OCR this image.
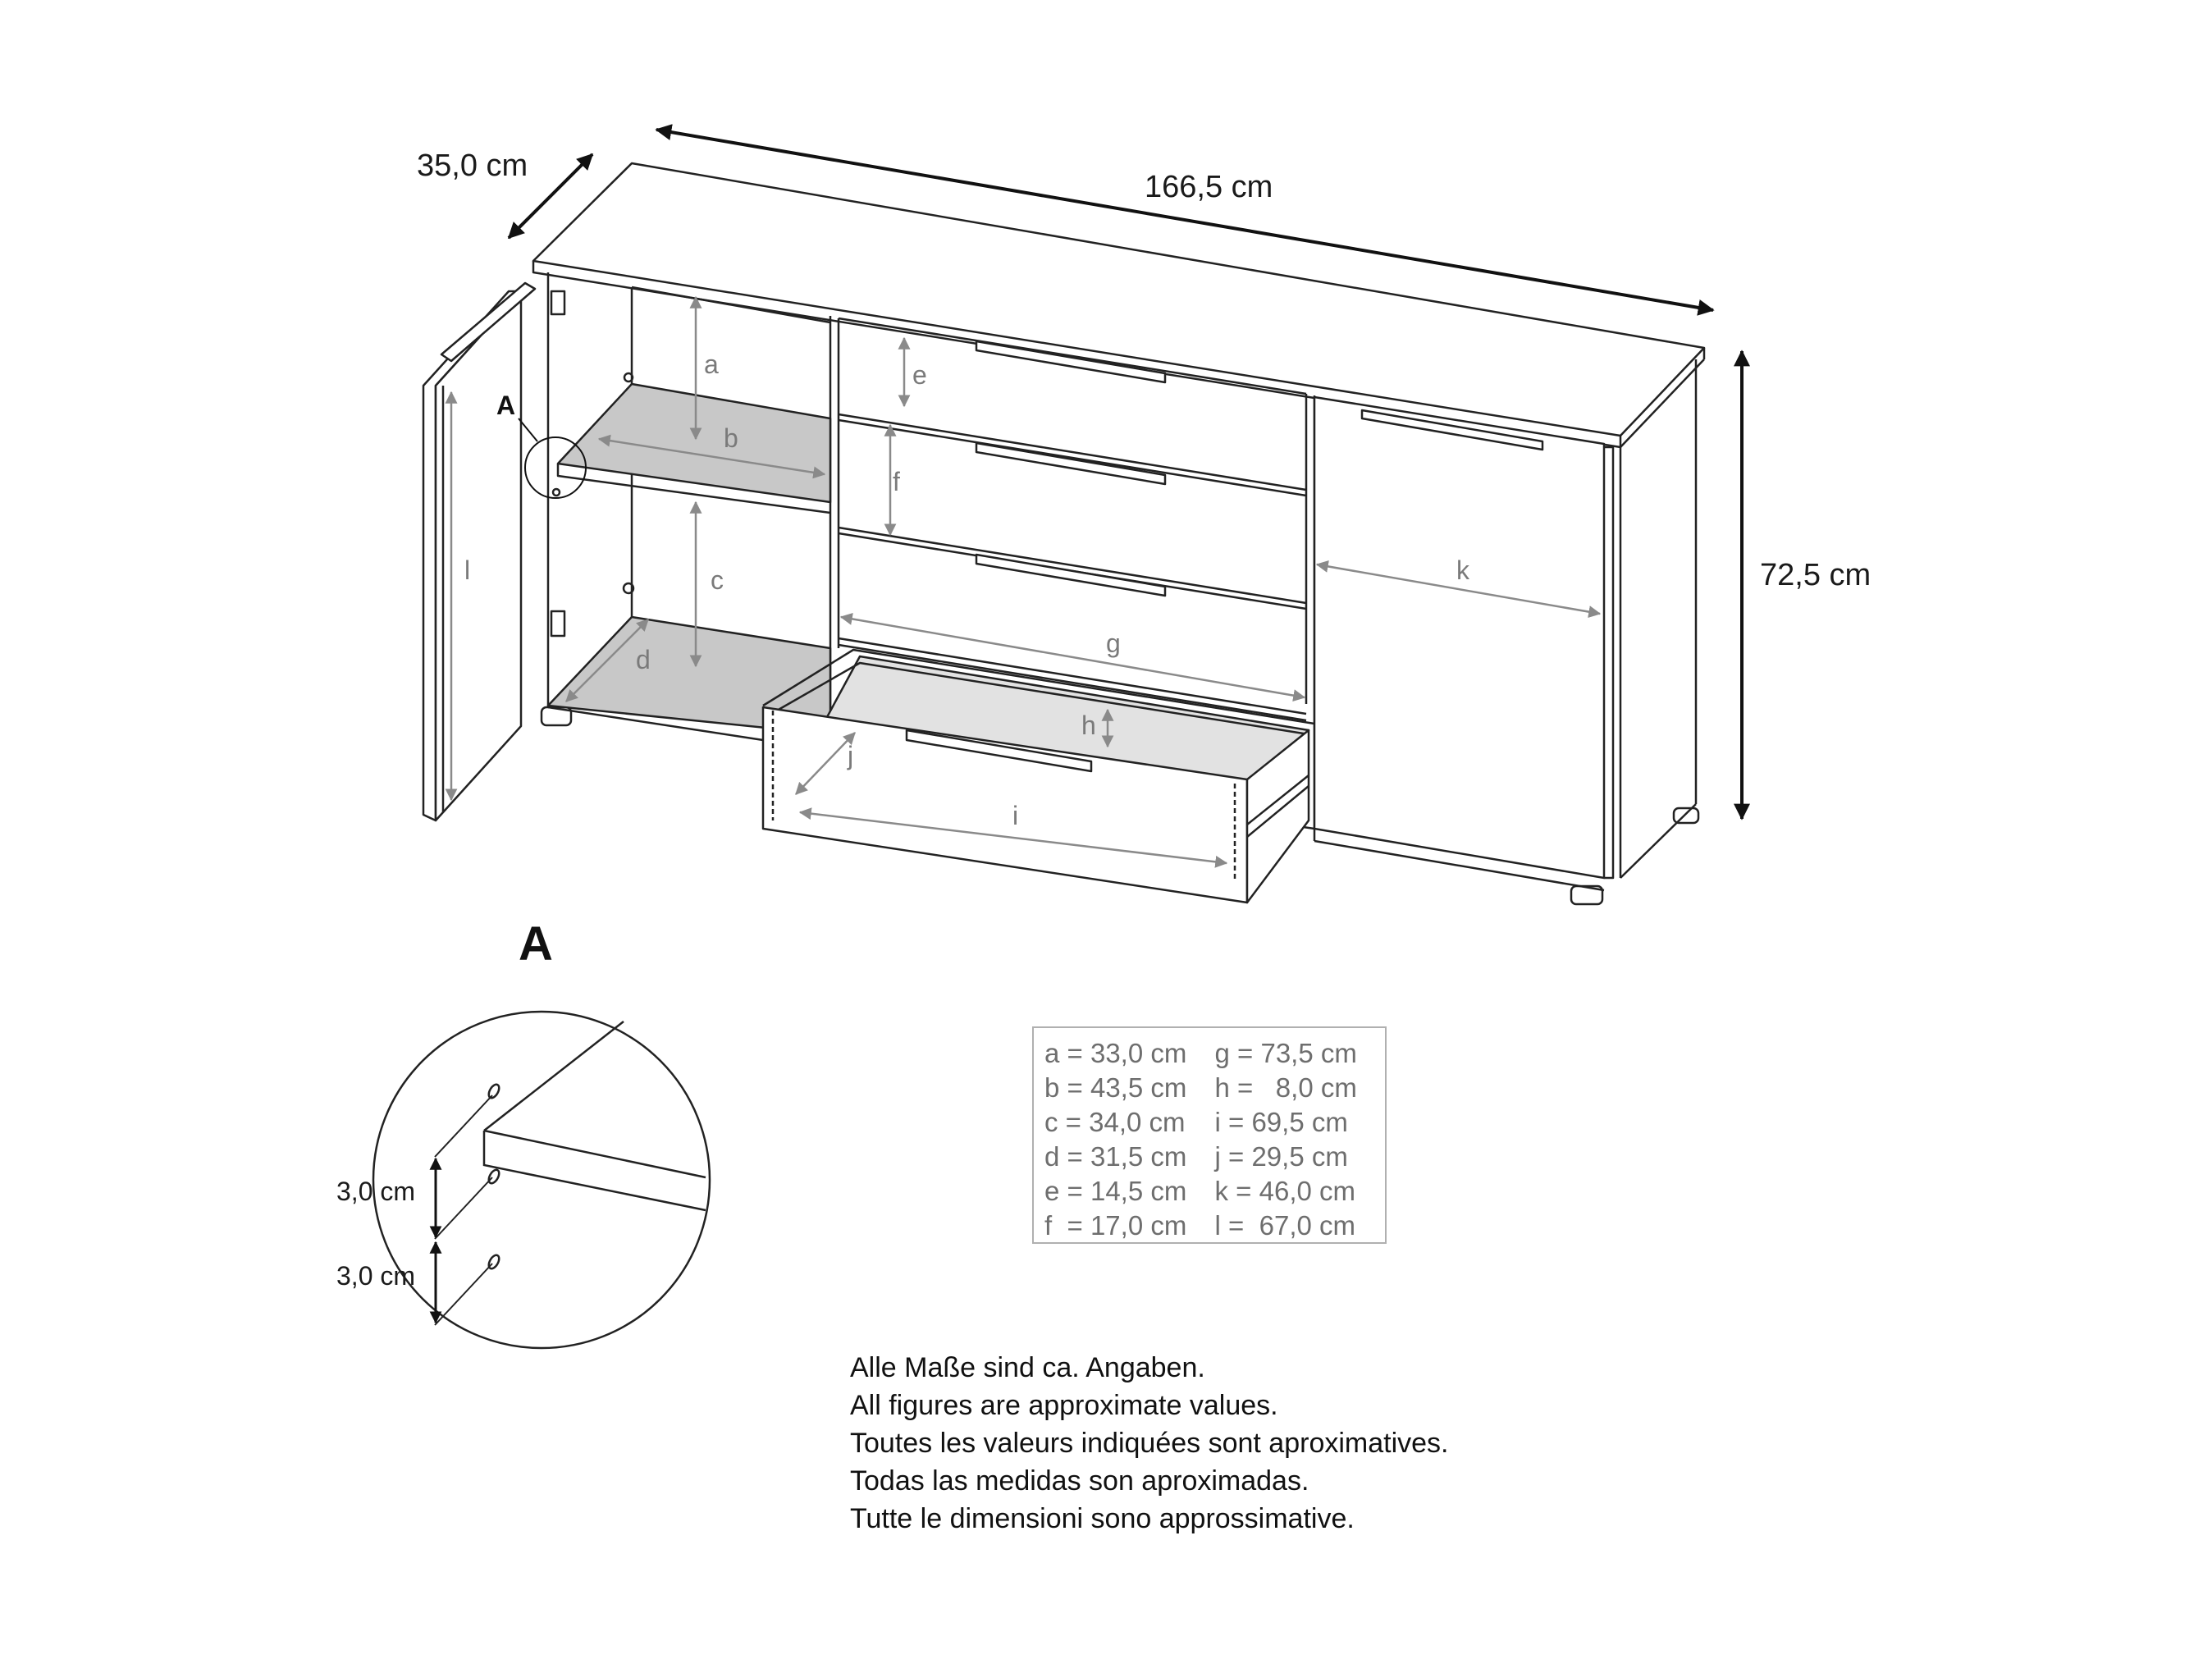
166,5 cm
35,0 cm
72,5 cm
a
b
c
d
e
f
g
h
i
j
k
l
A
A
3,0 cm
3,0 cm
a = 33,0 cm	g = 73,5 cm
b = 43,5 cm	h =   8,0 cm
c = 34,0 cm	i = 69,5 cm
d = 31,5 cm	j = 29,5 cm
e = 14,5 cm	k = 46,0 cm
f  = 17,0 cm	l =  67,0 cm
Alle Maße sind ca. Angaben.
All figures are approximate values.
Toutes les valeurs indiquées sont aproximatives.
Todas las medidas son aproximadas.
Tutte le dimensioni sono approssimative.
